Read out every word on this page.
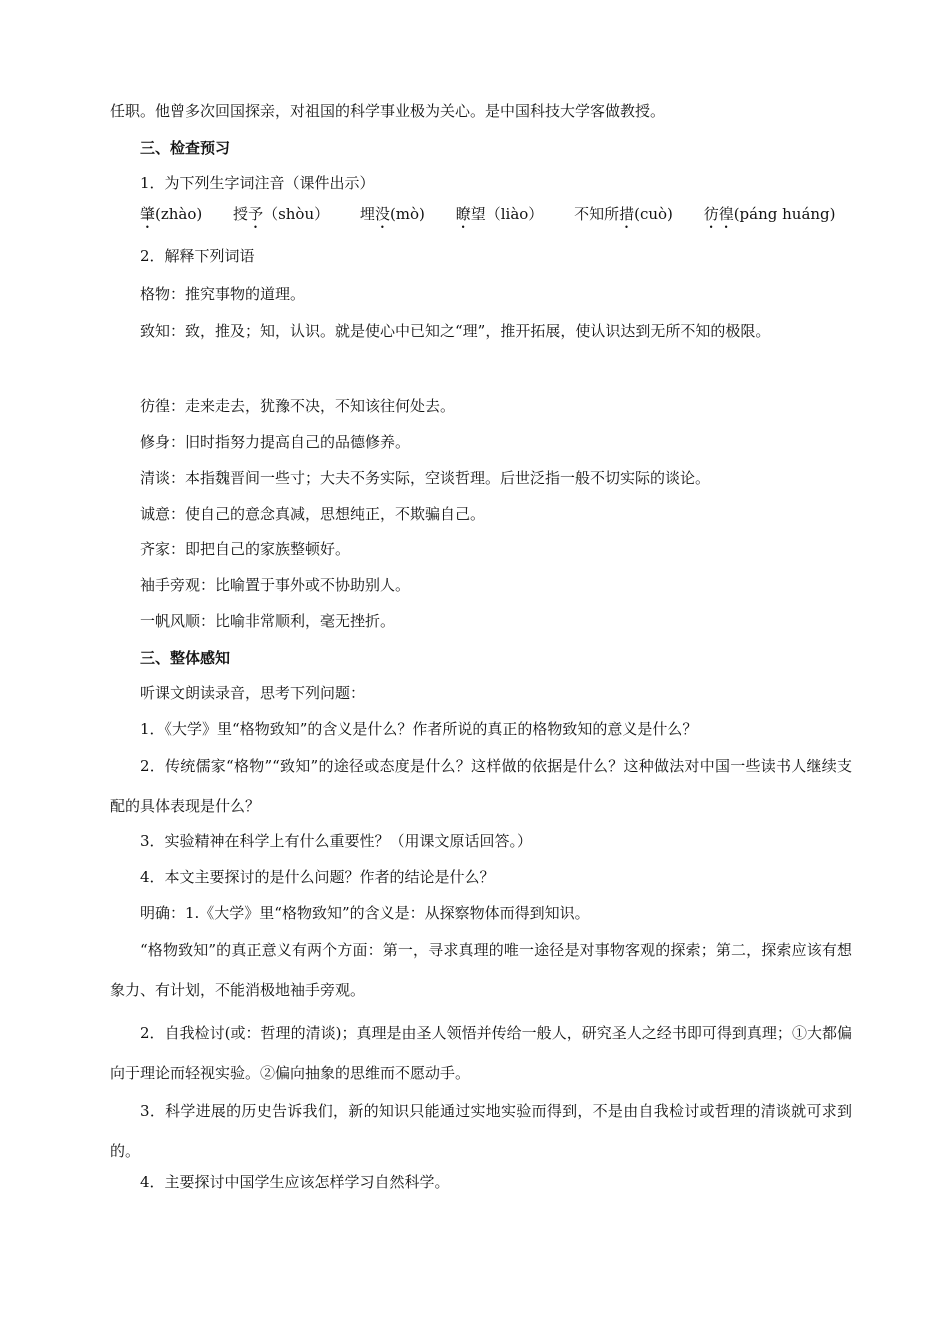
任职。他曾多次回国探亲，对祖国的科学事业极为关心。是中国科技大学客做教授。
三、检查预习
1．为下列生字词注音（课件出示）
肇(zhào) 授予（shòu） 埋没(mò) 瞭望（liào） 不知所措(cuò) 彷徨(páng huáng)
2．解释下列词语
格物：推究事物的道理。
致知：致，推及；知，认识。就是使心中已知之“理”，推开拓展，使认识达到无所不知的极限。
彷徨：走来走去，犹豫不决，不知该往何处去。
修身：旧时指努力提高自己的品德修养。
清谈：本指魏晋间一些寸；大夫不务实际，空谈哲理。后世泛指一般不切实际的谈论。
诚意：使自己的意念真减，思想纯正，不欺骗自己。
齐家：即把自己的家族整顿好。
袖手旁观：比喻置于事外或不协助别人。
一帆风顺：比喻非常顺利，毫无挫折。
三、整体感知
听课文朗读录音，思考下列问题：
1．《大学》里“格物致知”的含义是什么？作者所说的真正的格物致知的意义是什么？
2．传统儒家“格物”“致知”的途径或态度是什么？这样做的依据是什么？这种做法对中国一些读书人继续支配的具体表现是什么？
3．实验精神在科学上有什么重要性？（用课文原话回答。）
4．本文主要探讨的是什么问题？作者的结论是什么？
明确：1.《大学》里“格物致知”的含义是：从探察物体而得到知识。
“格物致知”的真正意义有两个方面：第一，寻求真理的唯一途径是对事物客观的探索；第二，探索应该有想象力、有计划，不能消极地袖手旁观。
2．自我检讨(或：哲理的清谈)；真理是由圣人领悟并传给一般人，研究圣人之经书即可得到真理；①大都偏向于理论而轻视实验。②偏向抽象的思维而不愿动手。
3．科学进展的历史告诉我们，新的知识只能通过实地实验而得到，不是由自我检讨或哲理的清谈就可求到的。
4．主要探讨中国学生应该怎样学习自然科学。
